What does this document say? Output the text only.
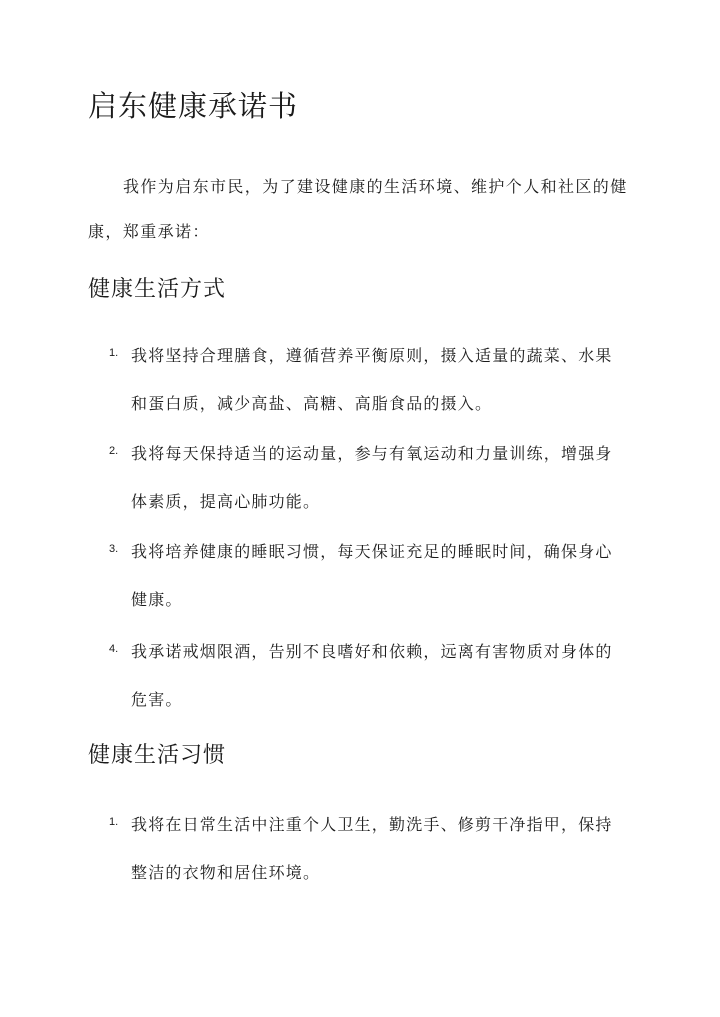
启东健康承诺书

我作为启东市民，为了建设健康的生活环境、维护个人和社区的健康，郑重承诺：

健康生活方式
1. 我将坚持合理膳食，遵循营养平衡原则，摄入适量的蔬菜、水果和蛋白质，减少高盐、高糖、高脂食品的摄入。
2. 我将每天保持适当的运动量，参与有氧运动和力量训练，增强身体素质，提高心肺功能。
3. 我将培养健康的睡眠习惯，每天保证充足的睡眠时间，确保身心健康。
4. 我承诺戒烟限酒，告别不良嗜好和依赖，远离有害物质对身体的危害。
健康生活习惯
1. 我将在日常生活中注重个人卫生，勤洗手、修剪干净指甲，保持整洁的衣物和居住环境。
